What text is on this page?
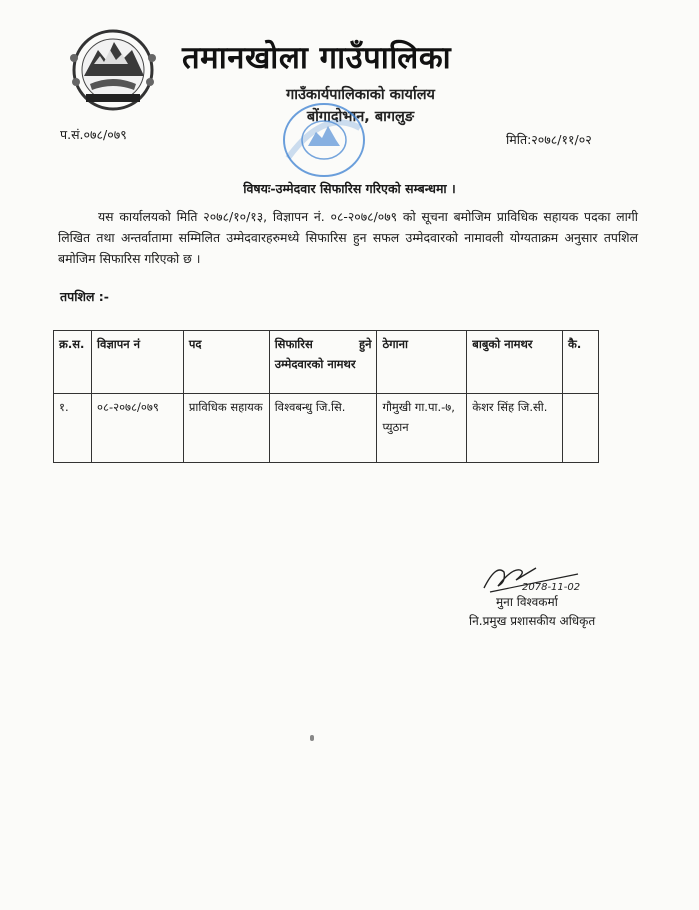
तमानखोला गाउँपालिका
गाउँकार्यपालिकाको कार्यालय
बोंगादोभान, बागलुङ
प.सं.०७८/०७९	मिति:२०७८/११/०२
विषयः-उम्मेदवार सिफारिस गरिएको सम्बन्धमा ।
यस कार्यालयको मिति २०७८/१०/१३, विज्ञापन नं. ०८-२०७८/०७९ को सूचना बमोजिम प्राविधिक सहायक पदका लागी लिखित तथा अन्तर्वातामा सम्मिलित उम्मेदवारहरुमध्ये सिफारिस हुन सफल उम्मेदवारको नामावली योग्यताक्रम अनुसार तपशिल बमोजिम सिफारिस गरिएको छ ।
तपशिल :-
क्र.स.	विज्ञापन नं	पद	सिफारिस हुने उम्मेदवारको नामथर	ठेगाना	बाबुको नामथर	कै.
१.	०८-२०७८/०७९	प्राविधिक सहायक	विश्वबन्धु जि.सि.	गौमुखी गा.पा.-७, प्युठान	केशर सिंह जि.सी.	
2078-11-02
मुना विश्वकर्मा
नि.प्रमुख प्रशासकीय अधिकृत
